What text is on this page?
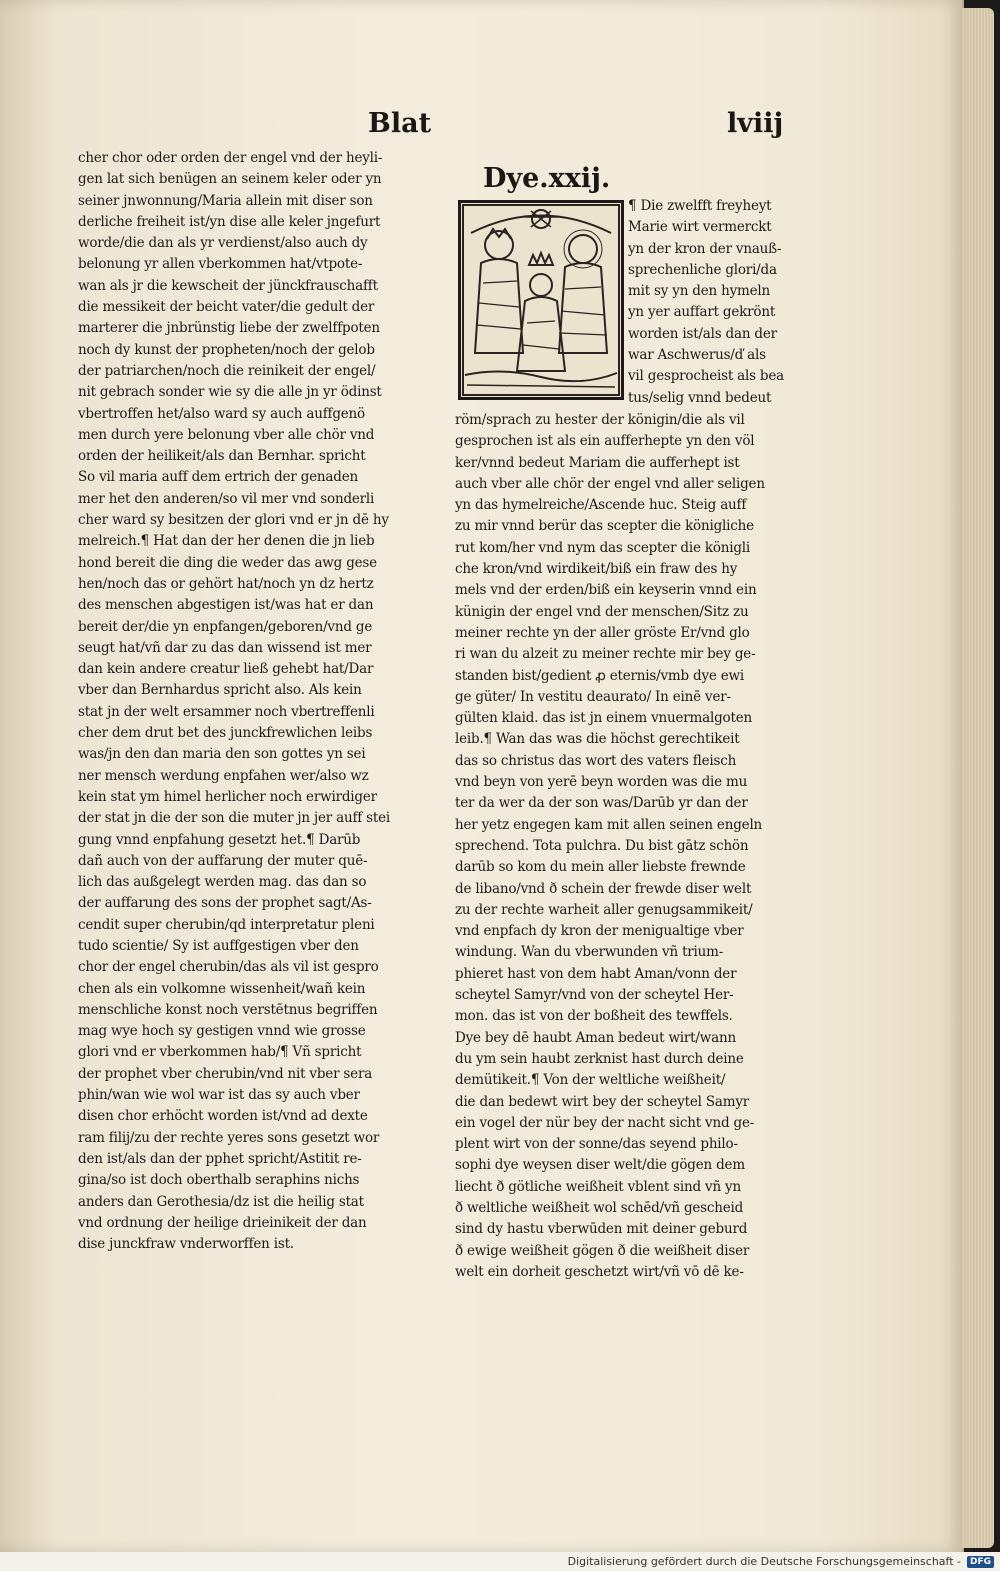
Blat	lviij
Dye.xxij.
cher chor oder orden der engel vnd der heyli-
gen lat sich benügen an seinem keler oder yn
seiner jnwonnung/Maria allein mit diser son
derliche freiheit ist/yn dise alle keler jngefurt
worde/die dan als yr verdienst/also auch dy
belonung yr allen vberkommen hat/vtpote-
wan als jr die kewscheit der jünckfrauschafft
die messikeit der beicht vater/die gedult der
marterer die jnbrünstig liebe der zwelffpoten
noch dy kunst der propheten/noch der gelob
der patriarchen/noch die reinikeit der engel/
nit gebrach sonder wie sy die alle jn yr ödinst
vbertroffen het/also ward sy auch auffgenö
men durch yere belonung vber alle chör vnd
orden der heilikeit/als dan Bernhar. spricht
So vil maria auff dem ertrich der genaden
mer het den anderen/so vil mer vnd sonderli
cher ward sy besitzen der glori vnd er jn dē hy
melreich.¶ Hat dan der her denen die jn lieb
hond bereit die ding die weder das awg gese
hen/noch das or gehört hat/noch yn dz hertz
des menschen abgestigen ist/was hat er dan
bereit der/die yn enpfangen/geboren/vnd ge
seugt hat/vñ dar zu das dan wissend ist mer
dan kein andere creatur ließ gehebt hat/Dar
vber dan Bernhardus spricht also. Als kein
stat jn der welt ersammer noch vbertreffenli
cher dem drut bet des junckfrewlichen leibs
was/jn den dan maria den son gottes yn sei
ner mensch werdung enpfahen wer/also wz
kein stat ym himel herlicher noch erwirdiger
der stat jn die der son die muter jn jer auff stei
gung vnnd enpfahung gesetzt het.¶ Darūb
dañ auch von der auffarung der muter quē-
lich das außgelegt werden mag. das dan so
der auffarung des sons der prophet sagt/As-
cendit super cherubin/qd interpretatur pleni
tudo scientie/ Sy ist auffgestigen vber den
chor der engel cherubin/das als vil ist gespro
chen als ein volkomne wissenheit/wañ kein
menschliche konst noch verstētnus begriffen
mag wye hoch sy gestigen vnnd wie grosse
glori vnd er vberkommen hab/¶ Vñ spricht
der prophet vber cherubin/vnd nit vber sera
phin/wan wie wol war ist das sy auch vber
disen chor erhöcht worden ist/vnd ad dexte
ram filij/zu der rechte yeres sons gesetzt wor
den ist/als dan der pphet spricht/Astitit re-
gina/so ist doch oberthalb seraphins nichs
anders dan Gerothesia/dz ist die heilig stat
vnd ordnung der heilige drieinikeit der dan
dise junckfraw vnderworffen ist.
¶ Die zwelfft freyheyt
Marie wirt vermerckt
yn der kron der vnauß-
sprechenliche glori/da
mit sy yn den hymeln
yn yer auffart gekrönt
worden ist/als dan der
war Aschwerus/ď als
vil gesprocheist als bea
tus/selig vnnd bedeut
röm/sprach zu hester der königin/die als vil
gesprochen ist als ein aufferhepte yn den völ
ker/vnnd bedeut Mariam die aufferhept ist
auch vber alle chör der engel vnd aller seligen
yn das hymelreiche/Ascende huc. Steig auff
zu mir vnnd berür das scepter die königliche
rut kom/her vnd nym das scepter die königli
che kron/vnd wirdikeit/biß ein fraw des hy
mels vnd der erden/biß ein keyserin vnnd ein
künigin der engel vnd der menschen/Sitz zu
meiner rechte yn der aller gröste Er/vnd glo
ri wan du alzeit zu meiner rechte mir bey ge-
standen bist/gedient ꝓ eternis/vmb dye ewi
ge güter/ In vestitu deaurato/ In einē ver-
gülten klaid. das ist jn einem vnuermalgoten
leib.¶ Wan das was die höchst gerechtikeit
das so christus das wort des vaters fleisch
vnd beyn von yerē beyn worden was die mu
ter da wer da der son was/Darūb yr dan der
her yetz engegen kam mit allen seinen engeln
sprechend. Tota pulchra. Du bist gātz schön
darūb so kom du mein aller liebste frewnde
de libano/vnd ð schein der frewde diser welt
zu der rechte warheit aller genugsammikeit/
vnd enpfach dy kron der menigualtige vber
windung. Wan du vberwunden vñ trium-
phieret hast von dem habt Aman/vonn der
scheytel Samyr/vnd von der scheytel Her-
mon. das ist von der boßheit des tewffels.
Dye bey dē haubt Aman bedeut wirt/wann
du ym sein haubt zerknist hast durch deine
demütikeit.¶ Von der weltliche weißheit/
die dan bedewt wirt bey der scheytel Samyr
ein vogel der nür bey der nacht sicht vnd ge-
plent wirt von der sonne/das seyend philo-
sophi dye weysen diser welt/die gögen dem
liecht ð götliche weißheit vblent sind vñ yn
ð weltliche weißheit wol schēd/vñ gescheid
sind dy hastu vberwūden mit deiner geburd
ð ewige weißheit gögen ð die weißheit diser
welt ein dorheit geschetzt wirt/vñ vō dē ke-
Digitalisierung gefördert durch die Deutsche Forschungsgemeinschaft -	DFG
